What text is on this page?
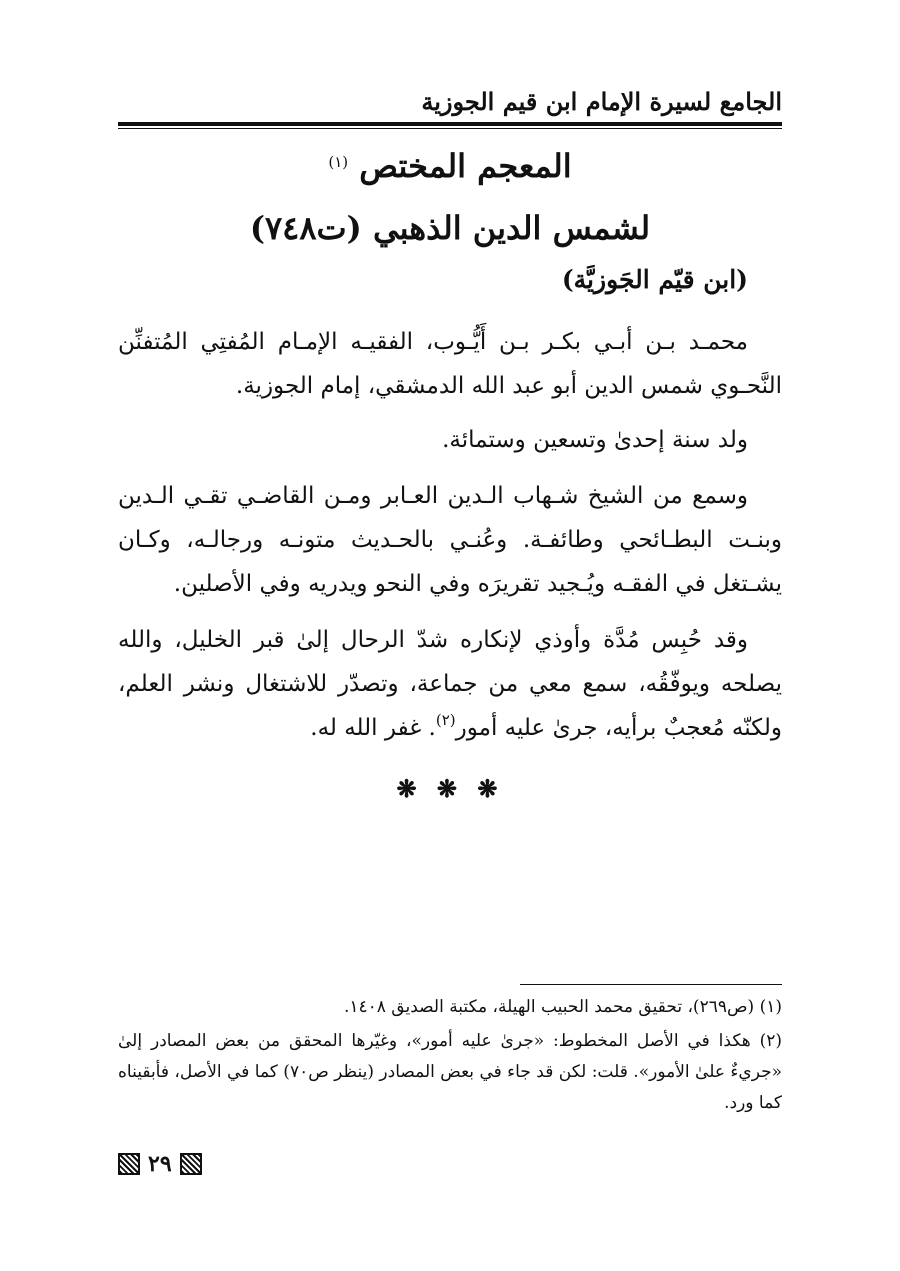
الجامع لسيرة الإمام ابن قيم الجوزية
المعجم المختص $^{(١)}$
لشمس الدين الذهبي (ت٧٤٨)
(ابن قيّم الجَوزيَّة)
محمـد بـن أبـي بكـر بـن أَيُّـوب، الفقيـه الإمـام المُفتِي المُتفنِّن النَّحـوي شمس الدين أبو عبد الله الدمشقي، إمام الجوزية.
ولد سنة إحدىٰ وتسعين وستمائة.
وسمع من الشيخ شـهاب الـدين العـابر ومـن القاضـي تقـي الـدين وبنـت البطـائحي وطائفـة. وعُنـي بالحـديث متونـه ورجالـه، وكـان يشـتغل في الفقـه ويُـجيد تقريرَه وفي النحو ويدريه وفي الأصلين.
وقد حُبِس مُدَّة وأوذي لإنكاره شدّ الرحال إلىٰ قبر الخليل، والله يصلحه ويوفّقُه، سمع معي من جماعة، وتصدّر للاشتغال ونشر العلم، ولكنّه مُعجبٌ برأيه، جرىٰ عليه أمور$^{(٢)}$. غفر الله له.
❋ ❋ ❋
(١) (ص٢٦٩)، تحقيق محمد الحبيب الهيلة، مكتبة الصديق ١٤٠٨.
(٢) هكذا في الأصل المخطوط: «جرىٰ عليه أمور»، وغيّرها المحقق من بعض المصادر إلىٰ «جريءٌ علىٰ الأمور». قلت: لكن قد جاء في بعض المصادر (ينظر ص٧٠) كما في الأصل، فأبقيناه كما ورد.
٢٩
